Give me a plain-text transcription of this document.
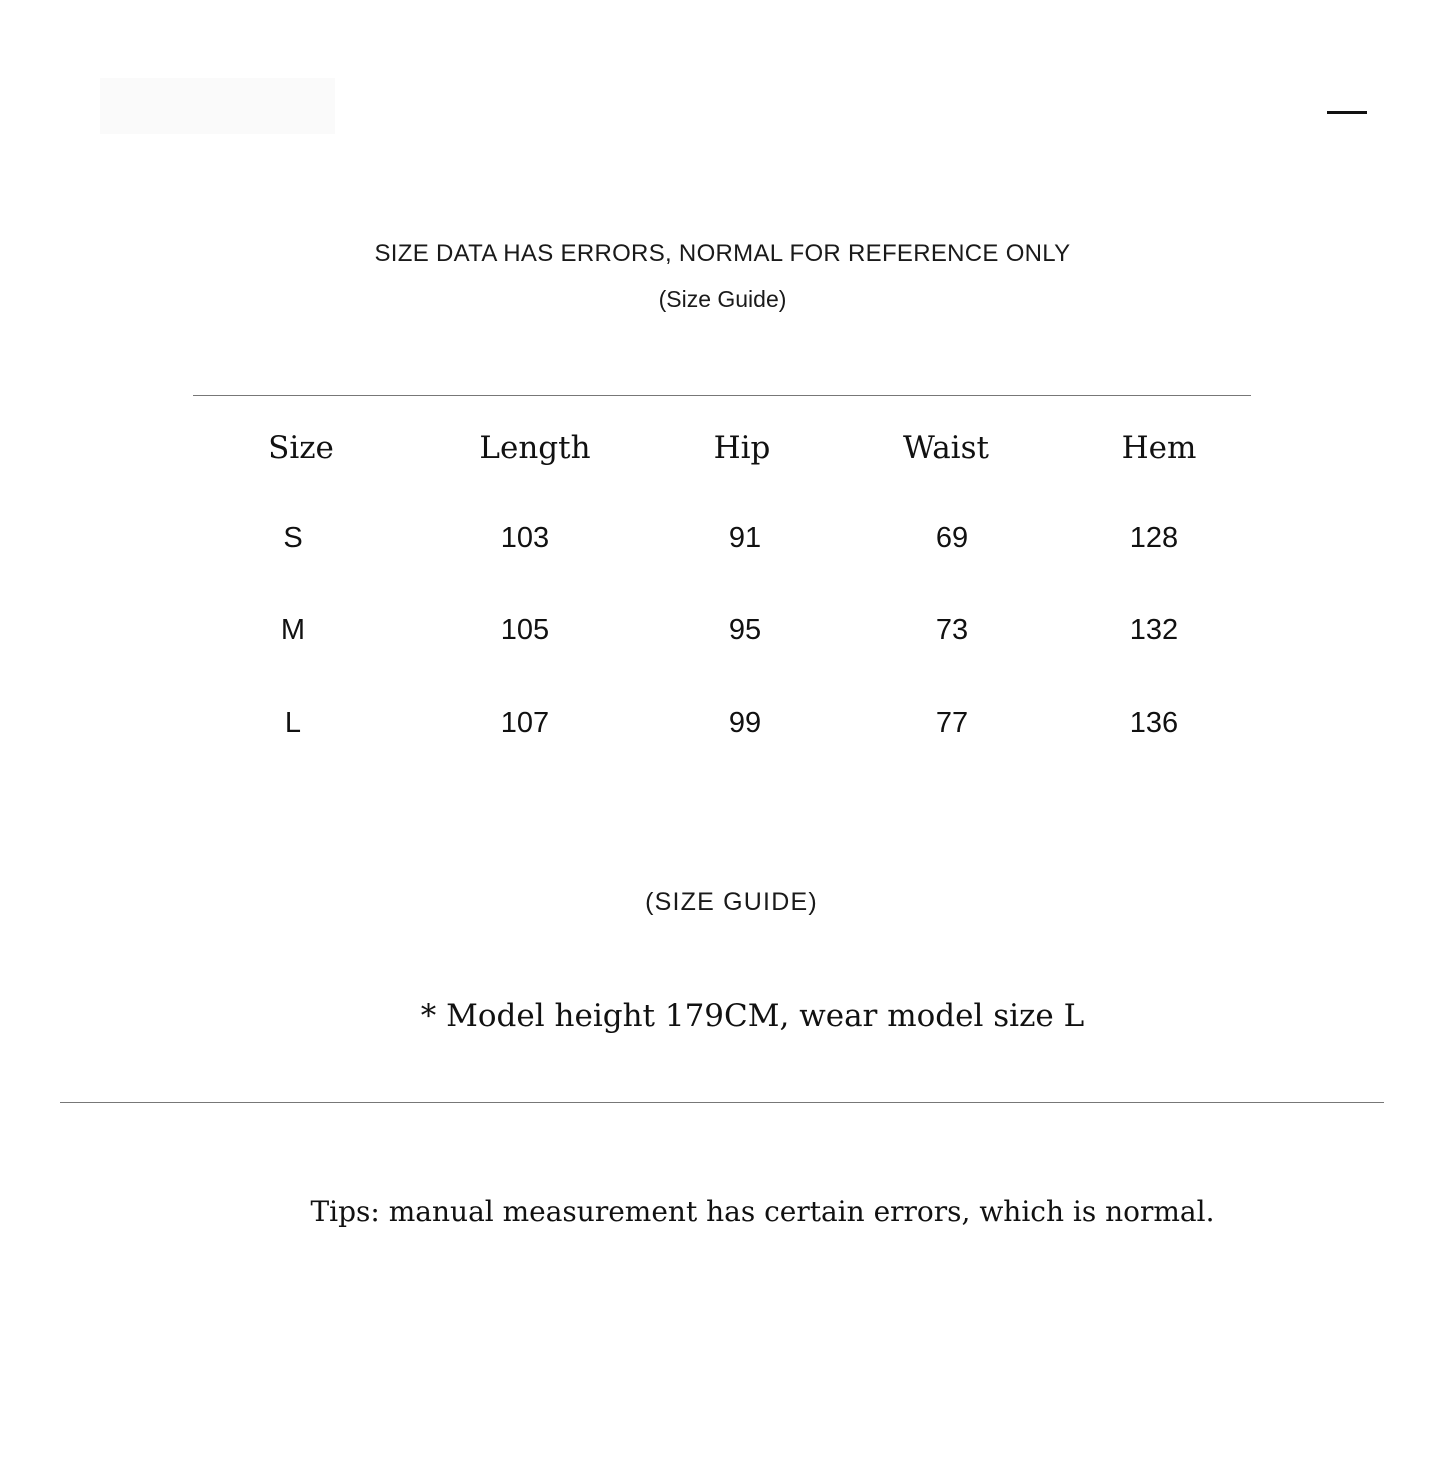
SIZE DATA HAS ERRORS, NORMAL FOR REFERENCE ONLY
(Size Guide)
Size	Length	Hip	Waist	Hem
S	103	91	69	128
M	105	95	73	132
L	107	99	77	136
(SIZE GUIDE)
* Model height 179CM, wear model size L
Tips: manual measurement has certain errors, which is normal.
